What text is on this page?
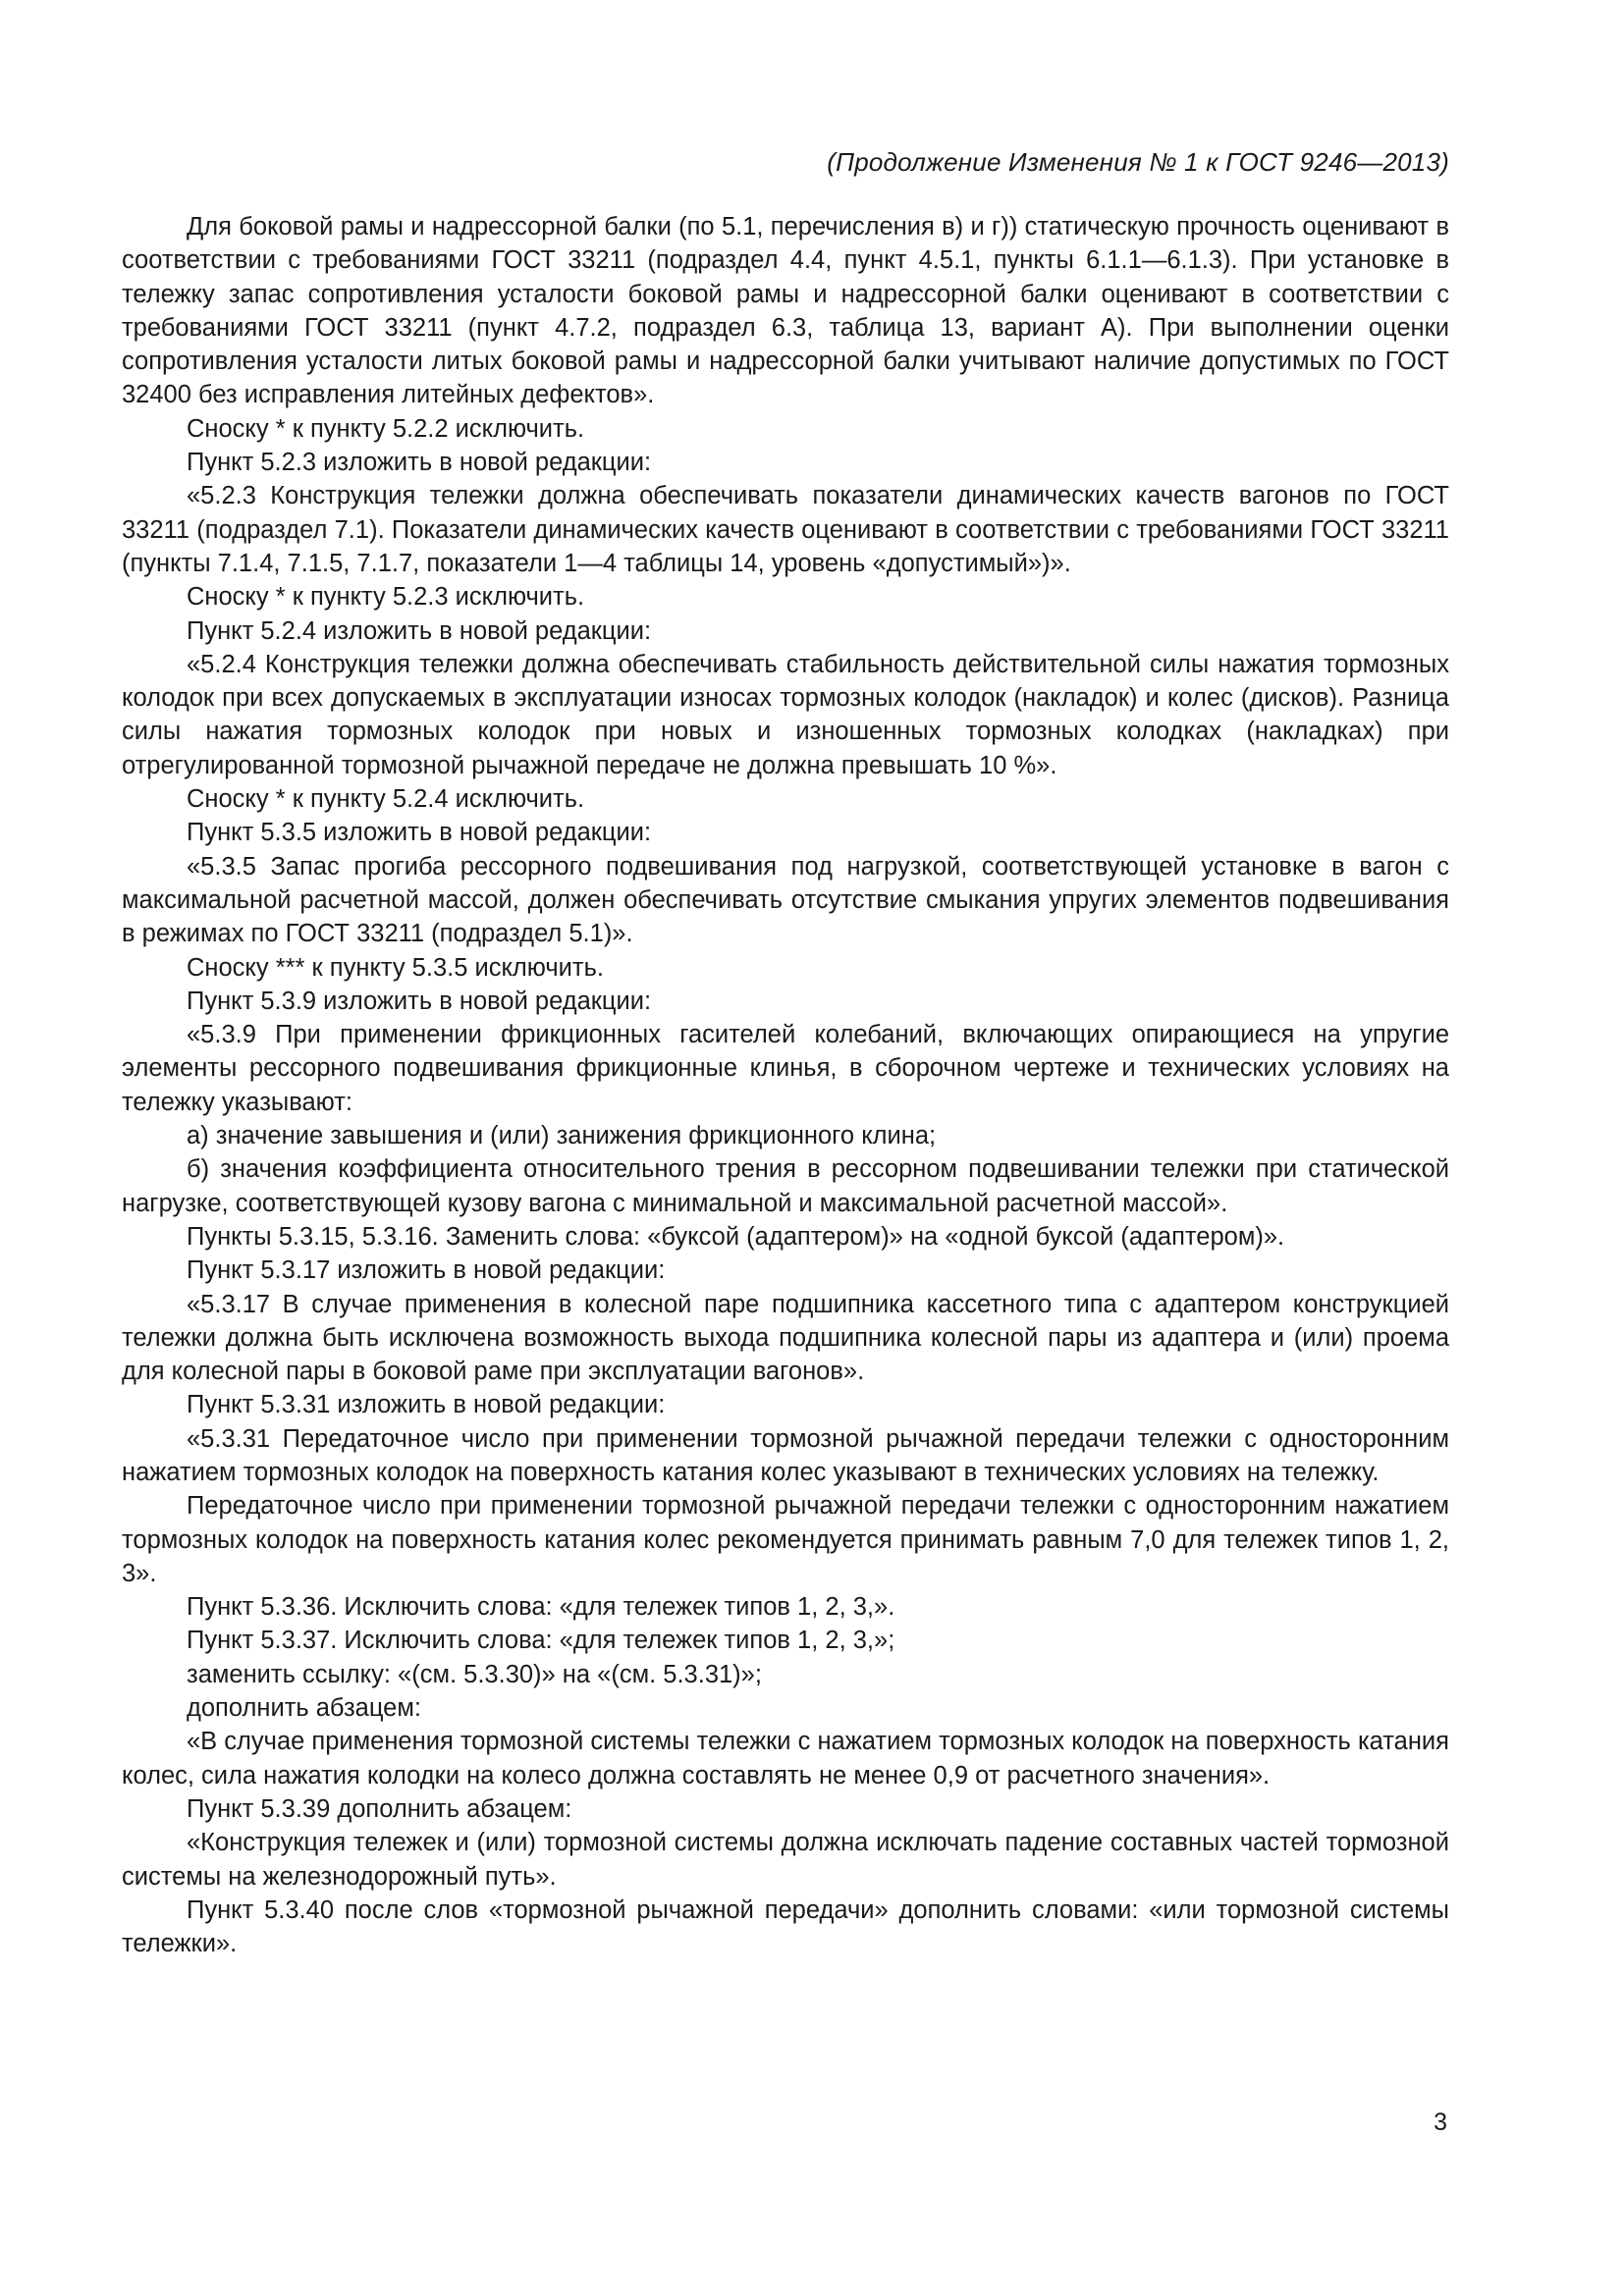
(Продолжение Изменения № 1 к ГОСТ 9246—2013)

Для боковой рамы и надрессорной балки (по 5.1, перечисления в) и г)) статическую прочность оценивают в соответствии с требованиями ГОСТ 33211 (подраздел 4.4, пункт 4.5.1, пункты 6.1.1—6.1.3). При установке в тележку запас сопротивления усталости боковой рамы и надрессорной балки оценивают в соответствии с требованиями ГОСТ 33211 (пункт 4.7.2, подраздел 6.3, таблица 13, вариант А). При выполнении оценки сопротивления усталости литых боковой рамы и надрессорной балки учитывают наличие допустимых по ГОСТ 32400 без исправления литейных дефектов».

Сноску * к пункту 5.2.2 исключить.

Пункт 5.2.3 изложить в новой редакции:

«5.2.3 Конструкция тележки должна обеспечивать показатели динамических качеств вагонов по ГОСТ 33211 (подраздел 7.1). Показатели динамических качеств оценивают в соответствии с требованиями ГОСТ 33211 (пункты 7.1.4, 7.1.5, 7.1.7, показатели 1—4 таблицы 14, уровень «допустимый»)».

Сноску * к пункту 5.2.3 исключить.

Пункт 5.2.4 изложить в новой редакции:

«5.2.4 Конструкция тележки должна обеспечивать стабильность действительной силы нажатия тормозных колодок при всех допускаемых в эксплуатации износах тормозных колодок (накладок) и колес (дисков). Разница силы нажатия тормозных колодок при новых и изношенных тормозных колодках (накладках) при отрегулированной тормозной рычажной передаче не должна превышать 10 %».

Сноску * к пункту 5.2.4 исключить.

Пункт 5.3.5 изложить в новой редакции:

«5.3.5 Запас прогиба рессорного подвешивания под нагрузкой, соответствующей установке в вагон с максимальной расчетной массой, должен обеспечивать отсутствие смыкания упругих элементов подвешивания в режимах по ГОСТ 33211 (подраздел 5.1)».

Сноску *** к пункту 5.3.5 исключить.

Пункт 5.3.9 изложить в новой редакции:

«5.3.9 При применении фрикционных гасителей колебаний, включающих опирающиеся на упругие элементы рессорного подвешивания фрикционные клинья, в сборочном чертеже и технических условиях на тележку указывают:

а) значение завышения и (или) занижения фрикционного клина;

б) значения коэффициента относительного трения в рессорном подвешивании тележки при статической нагрузке, соответствующей кузову вагона с минимальной и максимальной расчетной массой».

Пункты 5.3.15, 5.3.16. Заменить слова: «буксой (адаптером)» на «одной буксой (адаптером)».

Пункт 5.3.17 изложить в новой редакции:

«5.3.17 В случае применения в колесной паре подшипника кассетного типа с адаптером конструкцией тележки должна быть исключена возможность выхода подшипника колесной пары из адаптера и (или) проема для колесной пары в боковой раме при эксплуатации вагонов».

Пункт 5.3.31 изложить в новой редакции:

«5.3.31 Передаточное число при применении тормозной рычажной передачи тележки с односторонним нажатием тормозных колодок на поверхность катания колес указывают в технических условиях на тележку.

Передаточное число при применении тормозной рычажной передачи тележки с односторонним нажатием тормозных колодок на поверхность катания колес рекомендуется принимать равным 7,0 для тележек типов 1, 2, 3».

Пункт 5.3.36. Исключить слова: «для тележек типов 1, 2, 3,».

Пункт 5.3.37. Исключить слова: «для тележек типов 1, 2, 3,»;

заменить ссылку: «(см. 5.3.30)» на «(см. 5.3.31)»;

дополнить абзацем:

«В случае применения тормозной системы тележки с нажатием тормозных колодок на поверхность катания колес, сила нажатия колодки на колесо должна составлять не менее 0,9 от расчетного значения».

Пункт 5.3.39 дополнить абзацем:

«Конструкция тележек и (или) тормозной системы должна исключать падение составных частей тормозной системы на железнодорожный путь».

Пункт 5.3.40 после слов «тормозной рычажной передачи» дополнить словами: «или тормозной системы тележки».

3
